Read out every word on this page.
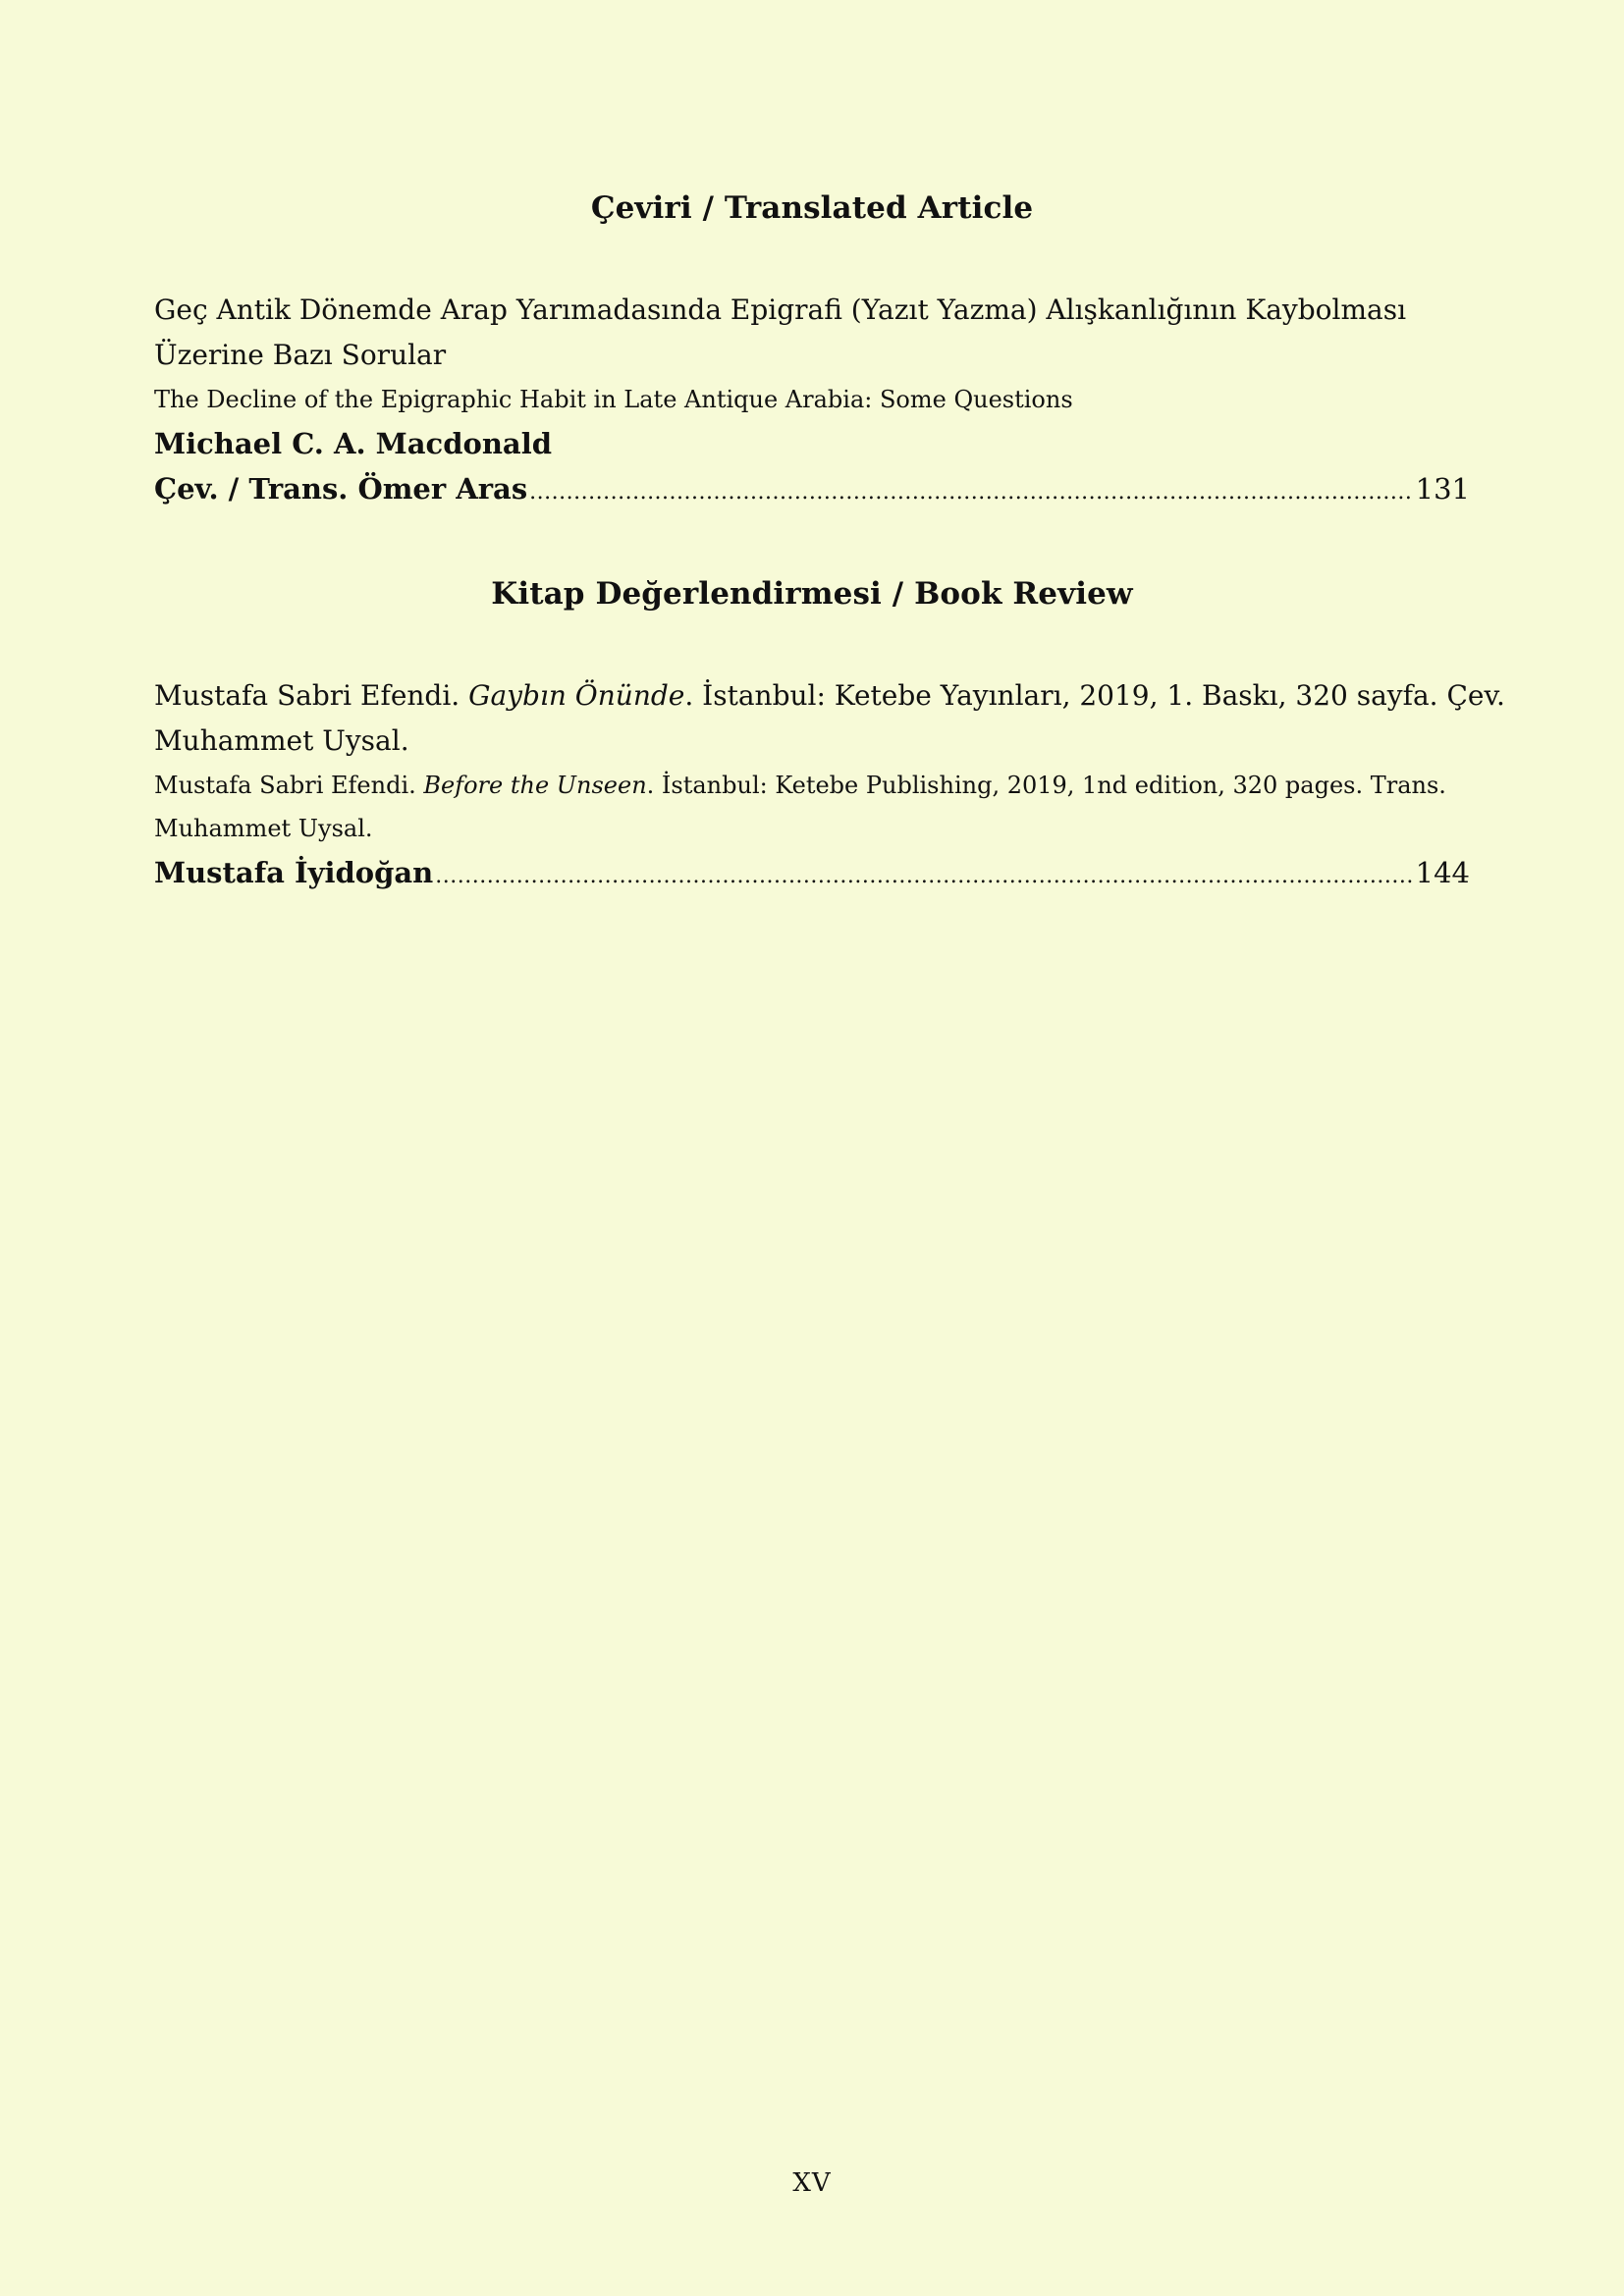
Çeviri / Translated Article
Geç Antik Dönemde Arap Yarımadasında Epigrafi (Yazıt Yazma) Alışkanlığının Kaybolması
Üzerine Bazı Sorular
The Decline of the Epigraphic Habit in Late Antique Arabia: Some Questions
Michael C. A. Macdonald
Çev. / Trans. Ömer Aras .....	131
Kitap Değerlendirmesi / Book Review
Mustafa Sabri Efendi. Gaybın Önünde. İstanbul: Ketebe Yayınları, 2019, 1. Baskı, 320 sayfa. Çev.
Muhammet Uysal.
Mustafa Sabri Efendi. Before the Unseen. İstanbul: Ketebe Publishing, 2019, 1nd edition, 320 pages. Trans.
Muhammet Uysal.
Mustafa İyidoğan .....	144
XV
